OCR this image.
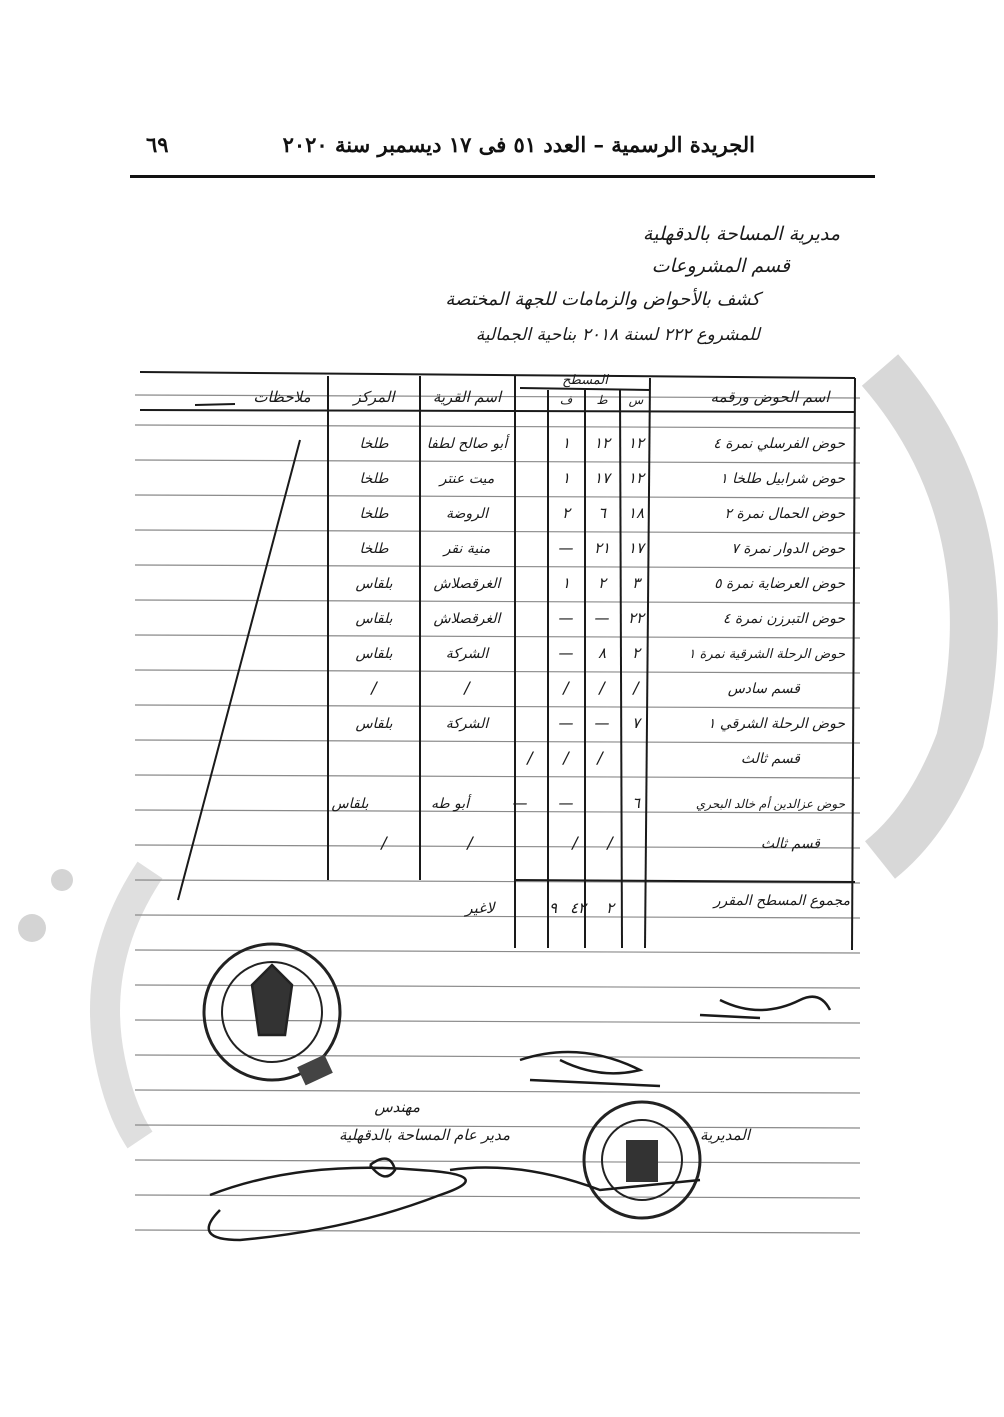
الجريدة الرسمية – العدد ٥١ فى ١٧ ديسمبر سنة ٢٠٢٠
٦٩
مديرية المساحة بالدقهلية
قسم المشروعات
كشف بالأحواض والزمامات للجهة المختصة
للمشروع ٢٢٢ لسنة ٢٠١٨ بناحية الجمالية
اسم الحوض ورقمه
المسطح
س
ط
ف
اسم القرية
المركز
ملاحظات
حوض الفرسلي نمرة ٤
١٢
١٢
١
أبو صالح لطفا
طلخا
حوض شرابيل طلخا ١
١٢
١٧
١
ميت عنتر
طلخا
حوض الحمال نمرة ٢
١٨
٦
٢
الروضة
طلخا
حوض الدوار نمرة ٧
١٧
٢١
—
منية نقر
طلخا
حوض العرضاية نمرة ٥
٣
٢
١
الغرقصلاش
بلقاس
حوض التبرزن نمرة ٤
٢٢
—
—
الغرقصلاش
بلقاس
حوض الرحلة الشرقية نمرة ١
٢
٨
—
الشركة
بلقاس
قسم سادس
/
/
/
/
/
حوض الرحلة الشرقي ١
٧
—
—
الشركة
بلقاس
قسم ثالث
/
/
/
حوض عزالدين أم خالد البحري
٦
—
—
أبو طه
بلقاس
قسم ثالث
/
/
/
/
مجموع المسطح المقرر
٢
٤٢
٩
لاغير
مهندس
مدير عام المساحة بالدقهلية	المديرية
